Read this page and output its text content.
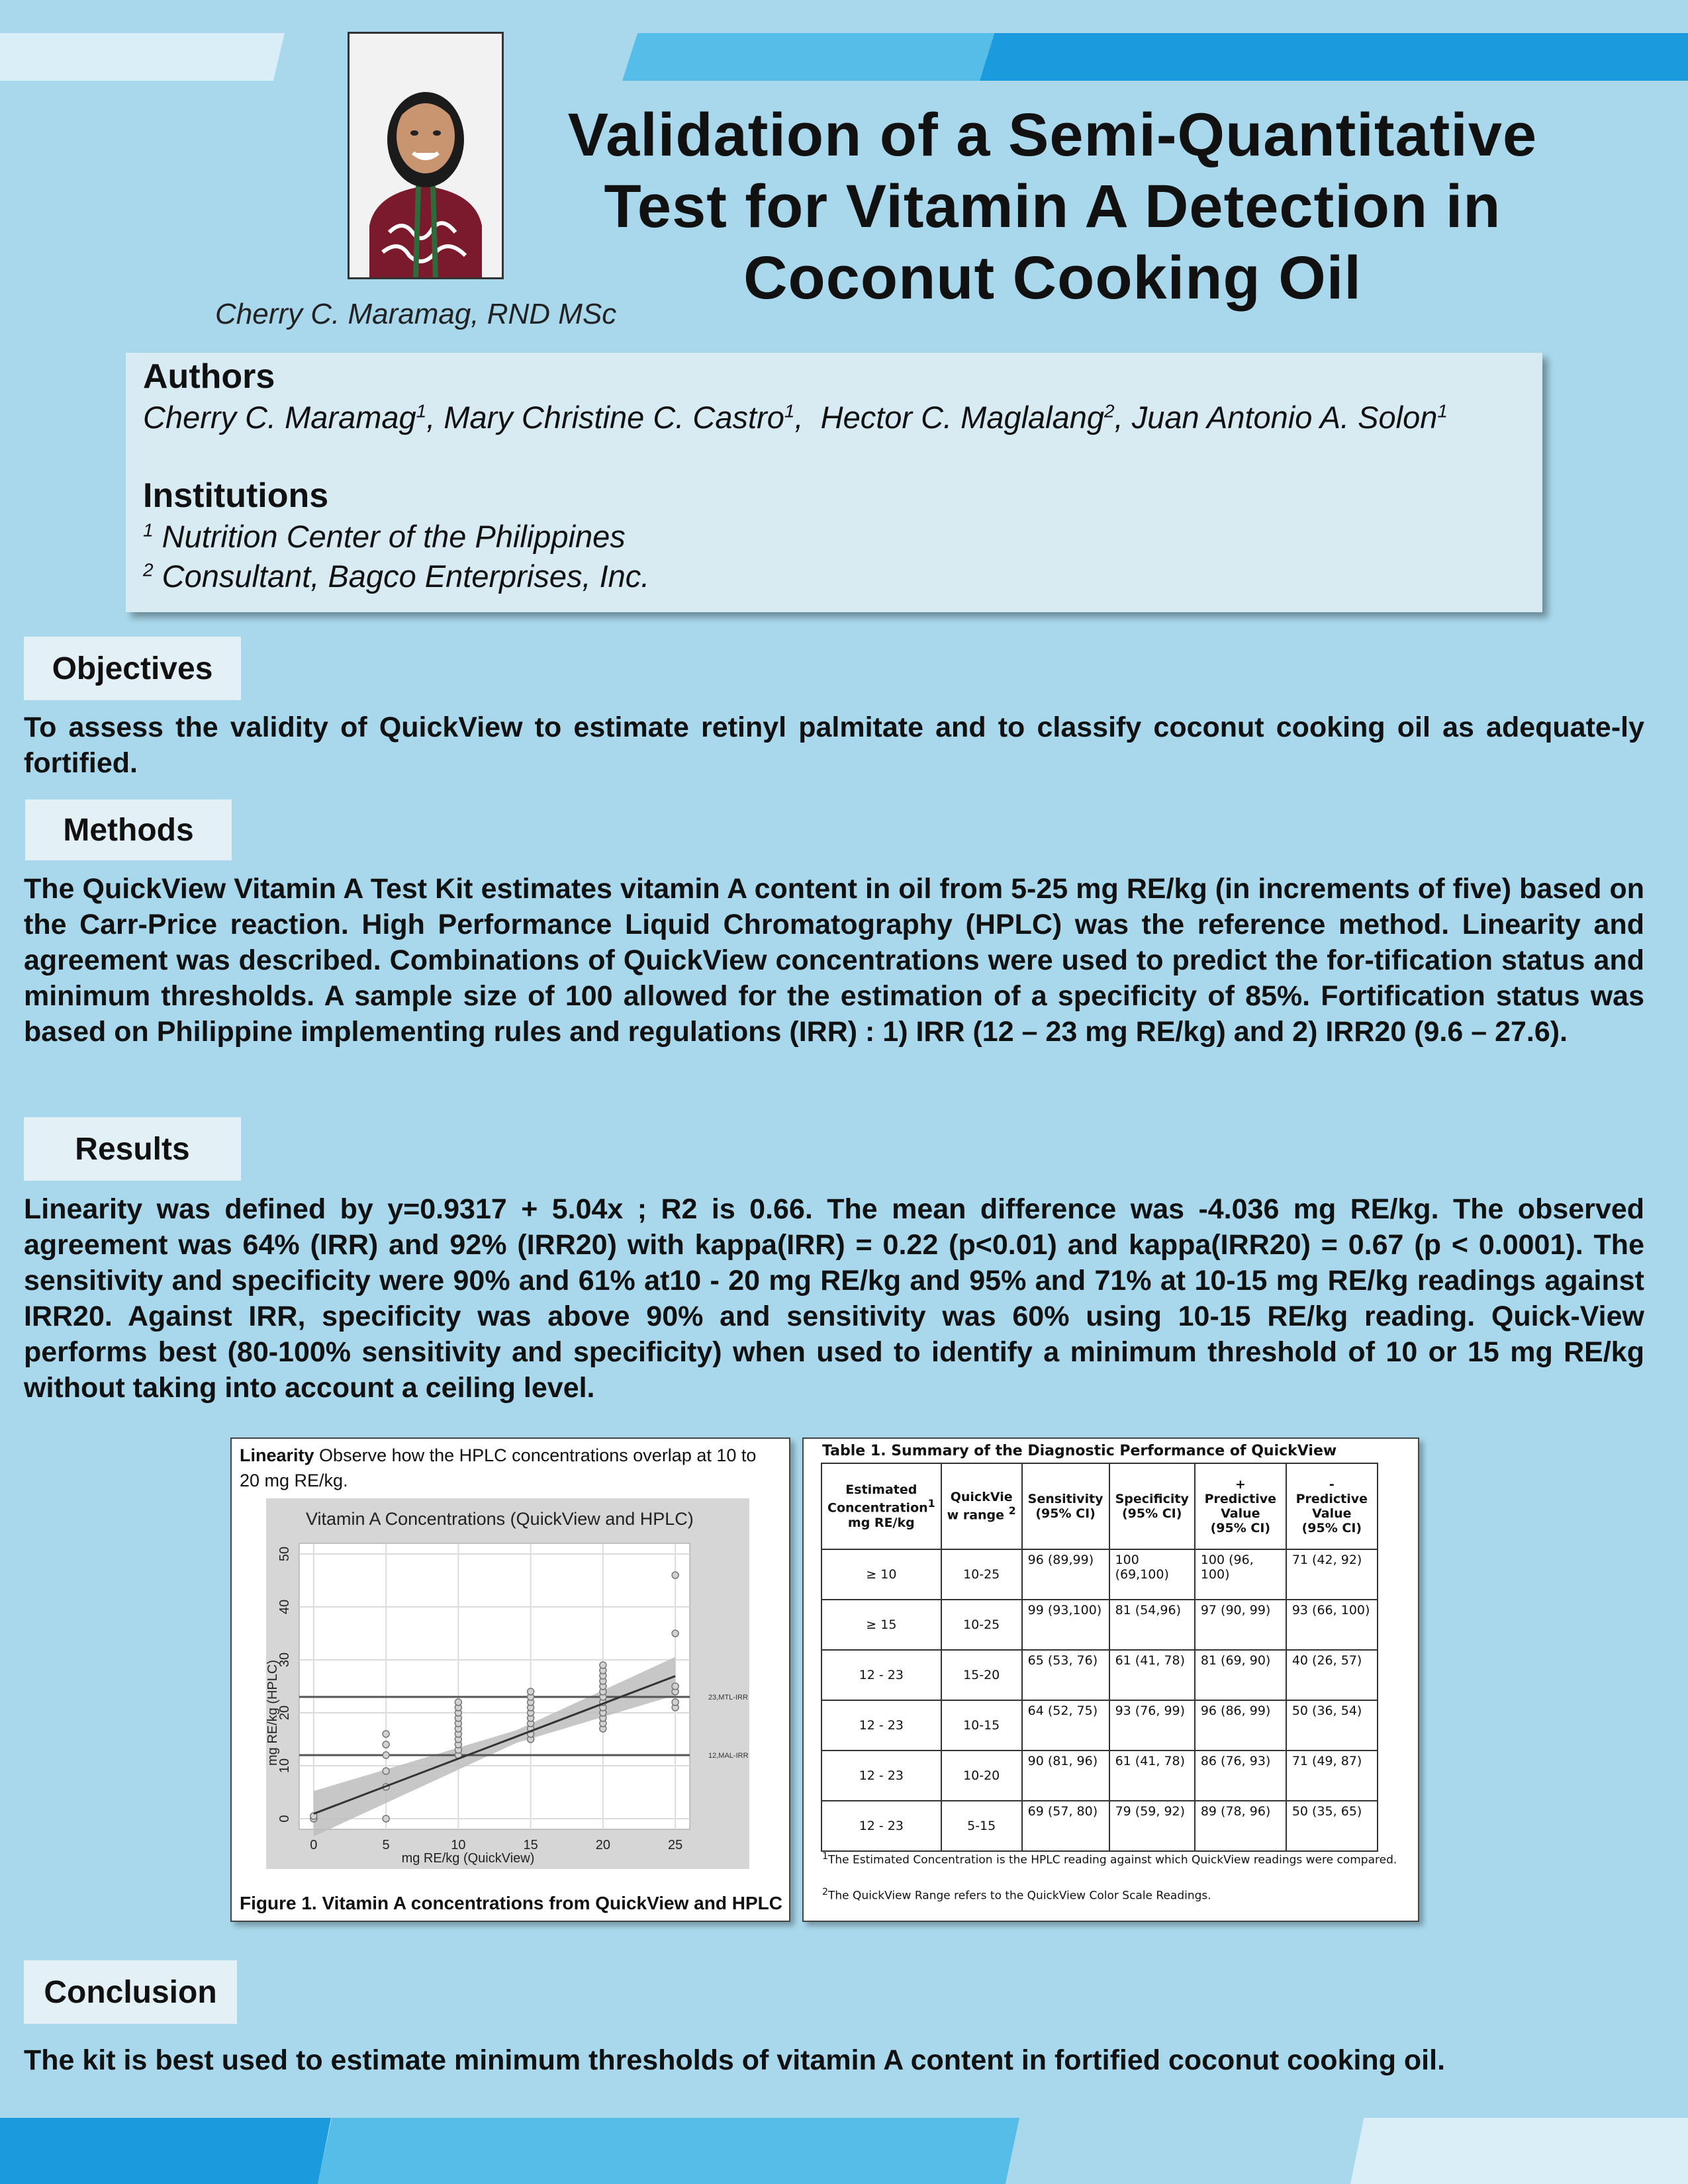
Cherry C. Maramag, RND MSc
Validation of a Semi-Quantitative
Test for Vitamin A Detection in
Coconut Cooking Oil
Authors
Cherry C. Maramag$^1$, Mary Christine C. Castro$^1$,  Hector C. Maglalang$^2$, Juan Antonio A. Solon$^1$
Institutions
$^1$ Nutrition Center of the Philippines
$^2$ Consultant, Bagco Enterprises, Inc.
Objectives
To assess the validity of QuickView to estimate retinyl palmitate and to classify coconut cooking oil as adequate-ly fortified.
Methods
The QuickView Vitamin A Test Kit estimates vitamin A content in oil from 5-25 mg RE/kg (in increments of five) based on the Carr-Price reaction. High Performance Liquid Chromatography (HPLC) was the reference method. Linearity and agreement was described. Combinations of QuickView concentrations were used to predict the for-tification status and minimum thresholds. A sample size of 100 allowed for the estimation of a specificity of 85%. Fortification status was based on Philippine implementing rules and regulations (IRR) : 1) IRR (12 – 23 mg RE/kg) and 2) IRR20 (9.6 – 27.6).
Results
Linearity was defined by y=0.9317 + 5.04x ; R2 is 0.66. The mean difference was -4.036 mg RE/kg. The observed agreement was 64% (IRR) and 92% (IRR20) with kappa(IRR) = 0.22 (p<0.01) and kappa(IRR20) = 0.67 (p < 0.0001). The sensitivity and specificity were 90% and 61% at10 - 20 mg RE/kg and 95% and 71% at 10-15 mg RE/kg readings against IRR20. Against IRR, specificity was above 90% and sensitivity was 60% using 10-15 RE/kg reading. Quick-View performs best (80-100% sensitivity and specificity) when used to identify a minimum threshold of 10 or 15 mg RE/kg without taking into account a ceiling level.
Linearity Observe how the HPLC concentrations overlap at 10 to 20 mg RE/kg.
Vitamin A Concentrations (QuickView and HPLC)
23,MTL-IRR
12,MAL-IRR
0	5	10	15	20	25
0
10
20
30
40
50
mg RE/kg (QuickView)
mg RE/kg (HPLC)
Figure 1. Vitamin A concentrations from QuickView and HPLC
Table 1. Summary of the Diagnostic Performance of QuickView
Estimated Concentration$^1$ mg RE/kg	QuickVie w range $^2$	Sensitivity (95% CI)	Specificity (95% CI)	+ Predictive Value (95% CI)	- Predictive Value (95% CI)
≥ 10	10-25	96 (89,99)	100 (69,100)	100 (96, 100)	71 (42, 92)
≥ 15	10-25	99 (93,100)	81 (54,96)	97 (90, 99)	93 (66, 100)
12 - 23	15-20	65 (53, 76)	61 (41, 78)	81 (69, 90)	40 (26, 57)
12 - 23	10-15	64 (52, 75)	93 (76, 99)	96 (86, 99)	50 (36, 54)
12 - 23	10-20	90 (81, 96)	61 (41, 78)	86 (76, 93)	71 (49, 87)
12 - 23	5-15	69 (57, 80)	79 (59, 92)	89 (78, 96)	50 (35, 65)
$^1$The Estimated Concentration is the HPLC reading against which QuickView readings were compared.
$^2$The QuickView Range refers to the QuickView Color Scale Readings.
Conclusion
The kit is best used to estimate minimum thresholds of vitamin A content in fortified coconut cooking oil.
